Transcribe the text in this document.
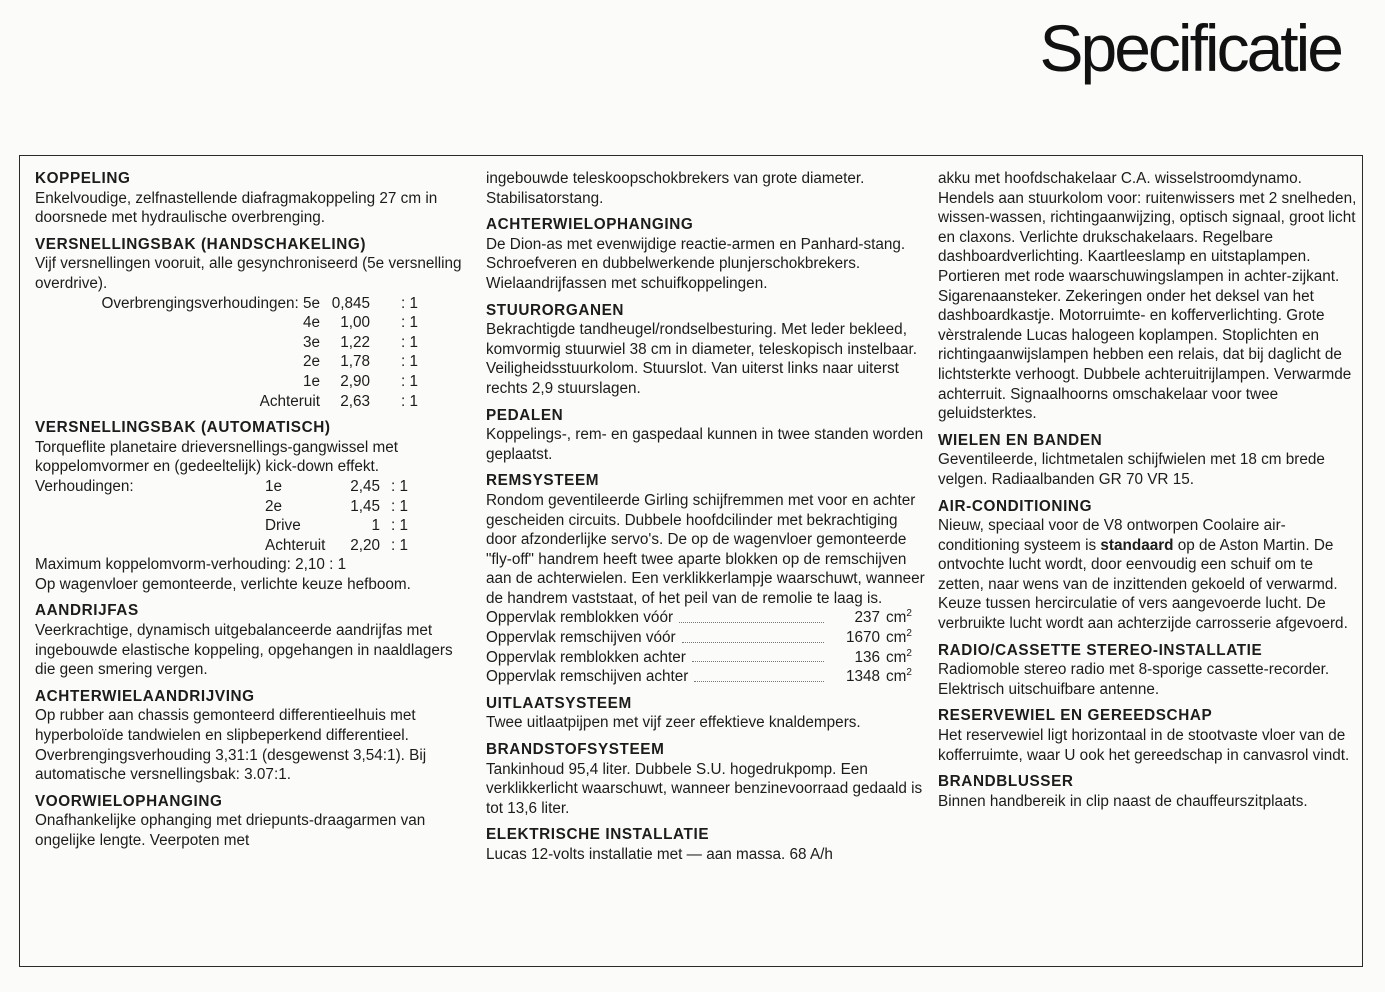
Specificatie
KOPPELING

Enkelvoudige, zelfnastellende diafragmakoppeling 27 cm in doorsnede met hydraulische overbrenging.

VERSNELLINGSBAK (HANDSCHAKELING)

Vijf versnellingen vooruit, alle gesynchroniseerd (5e versnelling overdrive).

Overbrengingsverhoudingen: 5e 0,845	: 1
4e	1,00	: 1
3e	1,22	: 1
2e	1,78	: 1
1e	2,90	: 1
Achteruit	2,63	: 1
VERSNELLINGSBAK (AUTOMATISCH)

Torqueflite planetaire drieversnellings-gangwissel met koppelomvormer en (gedeeltelijk) kick-down effekt.

Verhoudingen:	1e	2,45 : 1
2e	1,45 : 1
Drive	1 : 1
Achteruit	2,20 : 1

Maximum koppelomvorm-verhouding: 2,10 : 1

Op wagenvloer gemonteerde, verlichte keuze hefboom.

AANDRIJFAS

Veerkrachtige, dynamisch uitgebalanceerde aandrijfas met ingebouwde elastische koppeling, opgehangen in naaldlagers die geen smering vergen.

ACHTERWIELAANDRIJVING

Op rubber aan chassis gemonteerd differentieelhuis met hyperboloïde tandwielen en slipbeperkend differentieel. Overbrengingsverhouding 3,31:1 (desgewenst 3,54:1). Bij automatische versnellingsbak: 3.07:1.

VOORWIELOPHANGING

Onafhankelijke ophanging met driepunts-draagarmen van ongelijke lengte. Veerpoten met

ingebouwde teleskoopschokbrekers van grote diameter. Stabilisatorstang.

ACHTERWIELOPHANGING

De Dion-as met evenwijdige reactie-armen en Panhard-stang. Schroefveren en dubbelwerkende plunjerschokbrekers. Wielaandrijfassen met schuifkoppelingen.

STUURORGANEN

Bekrachtigde tandheugel/rondselbesturing. Met leder bekleed, komvormig stuurwiel 38 cm in diameter, teleskopisch instelbaar. Veiligheidsstuurkolom. Stuurslot. Van uiterst links naar uiterst rechts 2,9 stuurslagen.

PEDALEN

Koppelings-, rem- en gaspedaal kunnen in twee standen worden geplaatst.

REMSYSTEEM

Rondom geventileerde Girling schijfremmen met voor en achter gescheiden circuits. Dubbele hoofdcilinder met bekrachtiging door afzonderlijke servo's. De op de wagenvloer gemonteerde "fly-off" handrem heeft twee aparte blokken op de remschijven aan de achterwielen. Een verklikkerlampje waarschuwt, wanneer de handrem vaststaat, of het peil van de remolie te laag is.

Oppervlak remblokken vóór	237 $cm^2$
Oppervlak remschijven vóór	1670 $cm^2$
Oppervlak remblokken achter	136 $cm^2$
Oppervlak remschijven achter	1348 $cm^2$
UITLAATSYSTEEM

Twee uitlaatpijpen met vijf zeer effektieve knaldempers.

BRANDSTOFSYSTEEM

Tankinhoud 95,4 liter. Dubbele S.U. hogedrukpomp. Een verklikkerlicht waarschuwt, wanneer benzinevoorraad gedaald is tot 13,6 liter.

ELEKTRISCHE INSTALLATIE

Lucas 12-volts installatie met — aan massa. 68 A/h

akku met hoofdschakelaar C.A. wisselstroomdynamo. Hendels aan stuurkolom voor: ruitenwissers met 2 snelheden, wissen-wassen, richtingaanwijzing, optisch signaal, groot licht en claxons. Verlichte drukschakelaars. Regelbare dashboardverlichting. Kaartleeslamp en uitstaplampen. Portieren met rode waarschuwingslampen in achter-zijkant. Sigarenaansteker. Zekeringen onder het deksel van het dashboardkastje. Motorruimte- en kofferverlichting. Grote vèrstralende Lucas halogeen koplampen. Stoplichten en richtingaanwijslampen hebben een relais, dat bij daglicht de lichtsterkte verhoogt. Dubbele achteruitrijlampen. Verwarmde achterruit. Signaalhoorns omschakelaar voor twee geluidsterktes.

WIELEN EN BANDEN

Geventileerde, lichtmetalen schijfwielen met 18 cm brede velgen. Radiaalbanden GR 70 VR 15.

AIR-CONDITIONING

Nieuw, speciaal voor de V8 ontworpen Coolaire air-conditioning systeem is standaard op de Aston Martin. De ontvochte lucht wordt, door eenvoudig een schuif om te zetten, naar wens van de inzittenden gekoeld of verwarmd. Keuze tussen hercirculatie of vers aangevoerde lucht. De verbruikte lucht wordt aan achterzijde carrosserie afgevoerd.

RADIO/CASSETTE STEREO-INSTALLATIE

Radiomoble stereo radio met 8-sporige cassette-recorder. Elektrisch uitschuifbare antenne.

RESERVEWIEL EN GEREEDSCHAP

Het reservewiel ligt horizontaal in de stootvaste vloer van de kofferruimte, waar U ook het gereedschap in canvasrol vindt.

BRANDBLUSSER

Binnen handbereik in clip naast de chauffeurszitplaats.
